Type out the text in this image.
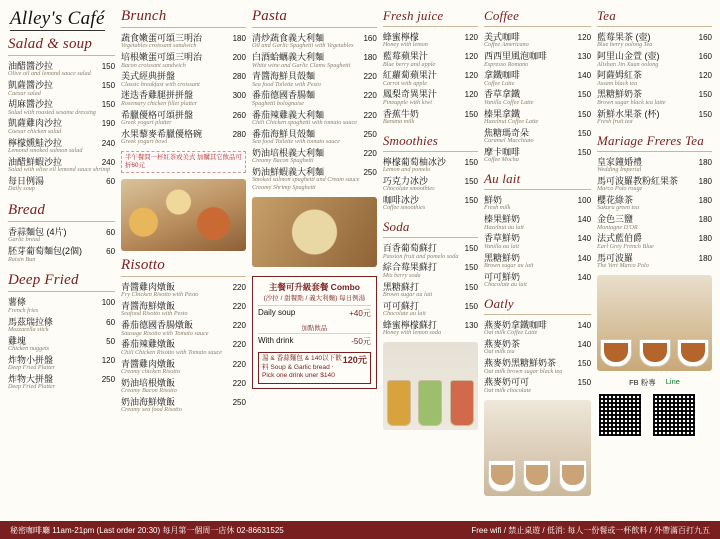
Alley's Café
Salad & soup
油醋醬沙拉	150
Olive oil and lemond sauce salad
凱薩醬沙拉	150
Caesar salad
胡麻醬沙拉	150
Salad with roasted sesame dressing
凱薩雞肉沙拉	190
Caesar chicken salad
檸檬燻鮭沙拉	240
Lemond smoked salmon salad
油醋鮮蝦沙拉	240
Salad with olive oil lemond sauce shrimp
每日例湯	60
Daily soup
Bread
香蒜麵包 (4片)	60
Garlic bread
胚芽葡萄麵包(2個)	60
Raisin Bun
Deep Fried
薯條	100
French fries
馬茲瑞拉條	60
Mozzarella stick
雞塊	50
Chicken nuggets
炸物小拼盤	120
Deep Fried Platter
炸物大拼盤	250
Deep Fried Platter
Brunch
蔬食嫩蛋可頌三明治	180
Vegetables croissant sandwich
培根嫩蛋可頌三明治	200
Bacon croissant sandwich
美式經典拼盤	280
Classic breakfast with croissant
迷迭香雞腿拼拼盤	300
Rosemary chicken fillet platter
希臘優格可頌拼盤	260
Greek yogurt platter
水果藜麥希臘優格碗	280
Greek yogurt bowl
半午餐問一杯紅茶或美式 加購其它飲品可折60元
Risotto
青醬雞肉燉飯	220
Fry Chicken Risotto with Pesto
青醬海鮮燉飯	220
Seafood Risotto with Pesto
番茄德國香腸燉飯	220
Sausage Risotto with Tomato sauce
番茄辣雞燉飯	220
Chili Chicken Risotto with Tomato sauce
青醬雞肉燉飯	220
Creamy chicken Risotto
奶油培根燉飯	220
Creamy Bacon Risotto
奶油海鮮燉飯	250
Creamy sea food Risotto
Pasta
清炒蔬食義大利麵	160
Oil and Garlic Spaghetti with Vegetables
白酒蛤蠣義大利麵	180
White wine and Garlic Clams Spaghetti
青醬海鮮貝殼麵	220
Sea food Toilette with Pesto
番茄德國香腸麵	220
Spaghetti bolognaise
番茄辣雞義大利麵	220
Chili Chicken spaghetti with tomato sauce
番茄海鮮貝殼麵	250
Sea food Toilette with tomato sauce
奶油培根義大利麵	220
Creamy Bacon Spaghetti
奶油鮮蝦義大利麵	250
Smoked salmon spaghetti and Cream sauce
Creamy Shrimp Spaghetti
主餐可升級套餐 Combo
(沙拉 / 甜餐點 / 義大利麵) 每日例湯
Daily soup	+40元
加點飲品
With drink	-50元
120元
湯 & 香蒜麵包 & 140以下飲料 Soup & Garlic bread ‧ Pick one drink uner $140
Fresh juice
蜂蜜檸檬	120
Honey with lemon
藍莓蘋果汁	120
Blue berry and apple
紅蘿蔔蘋果汁	120
Carrot with apple
鳳梨奇異果汁	120
Pineapple with kiwi
香蕉牛奶	150
Banana milk
Smoothies
檸檬葡萄柚冰沙	150
Lemon and pomelo
巧克力冰沙	150
Chocolate smoothies
咖啡冰沙	150
Coffee smoothies
Soda
百香葡萄蘇打	150
Passion fruit and pomelo soda
綜合莓果蘇打	150
Mix berry soda
黑糖蘇打	150
Brown sugar au lait
可可蘇打	150
Chocolate au lait
蜂蜜檸檬蘇打	130
Honey with lemon soda
Coffee
美式咖啡	120
Coffee Americano
西西里風泡咖啡	130
Espresso Romano
拿鐵咖啡	140
Coffee Latte
香草拿鐵	150
Vanilla Coffee Latte
榛果拿鐵	150
Hazelnut Coffee Latte
焦糖瑪奇朵	150
Caramel Macchiato
摩卡咖啡	150
Coffee Mocha
Au lait
鮮奶	100
Fresh milk
榛果鮮奶	140
Hazelnut au lait
香草鮮奶	140
Vanilla au lait
黑糖鮮奶	140
Brown sugar au lait
可可鮮奶	140
Chocolate au lait
Oatly
燕麥奶拿鐵咖啡	140
Oat milk Coffee Latte
燕麥奶茶	140
Oat milk tea
燕麥奶黑糖鮮奶茶	150
Oat milk brown sugar black tea
燕麥奶可可	150
Oat milk chocolate
Tea
藍莓果茶 (壺)	160
Blue berry oolong Tea
阿里山金萱 (壺)	160
Alishan Jin Xuan oolong
阿薩姆紅茶	120
Assam black tea
黑糖鮮奶茶	150
Brown sugar black tea latte
新鮮水果茶 (杯)	150
Fresh fruit tea
Mariage Freres Tea
皇家鐘婚禮	180
Wedding Imperial
馬可波羅教粉紅果茶	180
Marco Polo rouge
櫻花綠茶	180
Sakura green tea
金色三鹽	180
Montagne D'OR
法式藍伯爵	180
Earl Grey French Blue
馬可波羅	180
The Vert Marco Polo
FB 粉專 Line
秘密咖啡廳 11am-21pm (Last order 20:30) 每月第一個周一店休 02-86631525	Free wifi / 禁止桌遊 / 低消: 每人一份餐或一杯飲料 / 外帶滿百打九五
